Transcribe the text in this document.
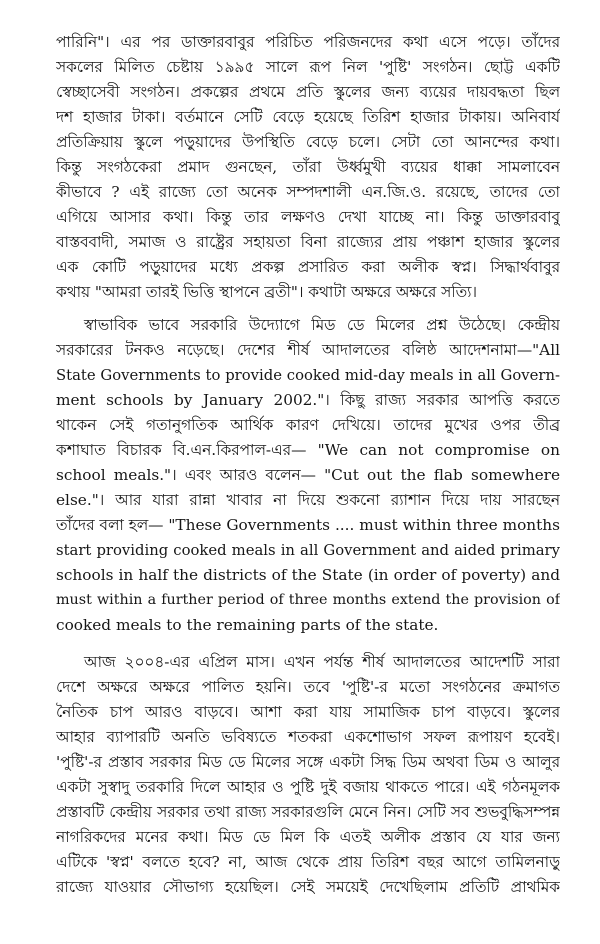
পারিনি"। এর পর ডাক্তারবাবুর পরিচিত পরিজনদের কথা এসে পড়ে। তাঁদের
সকলের মিলিত চেষ্টায় ১৯৯৫ সালে রূপ নিল 'পুষ্টি' সংগঠন। ছোট্ট একটি
স্বেচ্ছাসেবী সংগঠন। প্রকল্পের প্রথমে প্রতি স্কুলের জন্য ব্যয়ের দায়বদ্ধতা ছিল
দশ হাজার টাকা। বর্তমানে সেটি বেড়ে হয়েছে তিরিশ হাজার টাকায়। অনিবার্য
প্রতিক্রিয়ায় স্কুলে পড়ুয়াদের উপস্থিতি বেড়ে চলে। সেটা তো আনন্দের কথা।
কিন্তু সংগঠকেরা প্রমাদ গুনছেন, তাঁরা উর্ধ্বমুখী ব্যয়ের ধাক্কা সামলাবেন
কীভাবে ? এই রাজ্যে তো অনেক সম্পদশালী এন.জি.ও. রয়েছে, তাদের তো
এগিয়ে আসার কথা। কিন্তু তার লক্ষণও দেখা যাচ্ছে না। কিন্তু ডাক্তারবাবু
বাস্তববাদী, সমাজ ও রাষ্ট্রের সহায়তা বিনা রাজ্যের প্রায় পঞ্চাশ হাজার স্কুলের
এক কোটি পড়ুয়াদের মধ্যে প্রকল্প প্রসারিত করা অলীক স্বপ্ন। সিদ্ধার্থবাবুর
কথায় "আমরা তারই ভিত্তি স্থাপনে ব্রতী"। কথাটা অক্ষরে অক্ষরে সত্যি।
স্বাভাবিক ভাবে সরকারি উদ্যোগে মিড ডে মিলের প্রশ্ন উঠেছে। কেন্দ্রীয়
সরকারের টনকও নড়েছে। দেশের শীর্ষ আদালতের বলিষ্ঠ আদেশনামা—"All
State Governments to provide cooked mid-day meals in all Govern-
ment schools by January 2002."। কিছু রাজ্য সরকার আপত্তি করতে
থাকেন সেই গতানুগতিক আর্থিক কারণ দেখিয়ে। তাদের মুখের ওপর তীব্র
কশাঘাত বিচারক বি.এন.কিরপাল-এর— "We can not compromise on
school meals."। এবং আরও বলেন— "Cut out the flab somewhere
else."। আর যারা রান্না খাবার না দিয়ে শুকনো র‍্যাশান দিয়ে দায় সারছেন
তাঁদের বলা হল— "These Governments .... must within three months
start providing cooked meals in all Government and aided primary
schools in half the districts of the State (in order of poverty) and
must within a further period of three months extend the provision of
cooked meals to the remaining parts of the state.
আজ ২০০৪-এর এপ্রিল মাস। এখন পর্যন্ত শীর্ষ আদালতের আদেশটি সারা
দেশে অক্ষরে অক্ষরে পালিত হয়নি। তবে 'পুষ্টি'-র মতো সংগঠনের ক্রমাগত
নৈতিক চাপ আরও বাড়বে। আশা করা যায় সামাজিক চাপ বাড়বে। স্কুলের
আহার ব্যাপারটি অনতি ভবিষ্যতে শতকরা একশোভাগ সফল রূপায়ণ হবেই।
'পুষ্টি'-র প্রস্তাব সরকার মিড ডে মিলের সঙ্গে একটা সিদ্ধ ডিম অথবা ডিম ও আলুর
একটা সুস্বাদু তরকারি দিলে আহার ও পুষ্টি দুই বজায় থাকতে পারে। এই গঠনমূলক
প্রস্তাবটি কেন্দ্রীয় সরকার তথা রাজ্য সরকারগুলি মেনে নিন। সেটি সব শুভবুদ্ধিসম্পন্ন
নাগরিকদের মনের কথা। মিড ডে মিল কি এতই অলীক প্রস্তাব যে যার জন্য
এটিকে 'স্বপ্ন' বলতে হবে? না, আজ থেকে প্রায় তিরিশ বছর আগে তামিলনাড়ু
রাজ্যে যাওয়ার সৌভাগ্য হয়েছিল। সেই সময়েই দেখেছিলাম প্রতিটি প্রাথমিক
